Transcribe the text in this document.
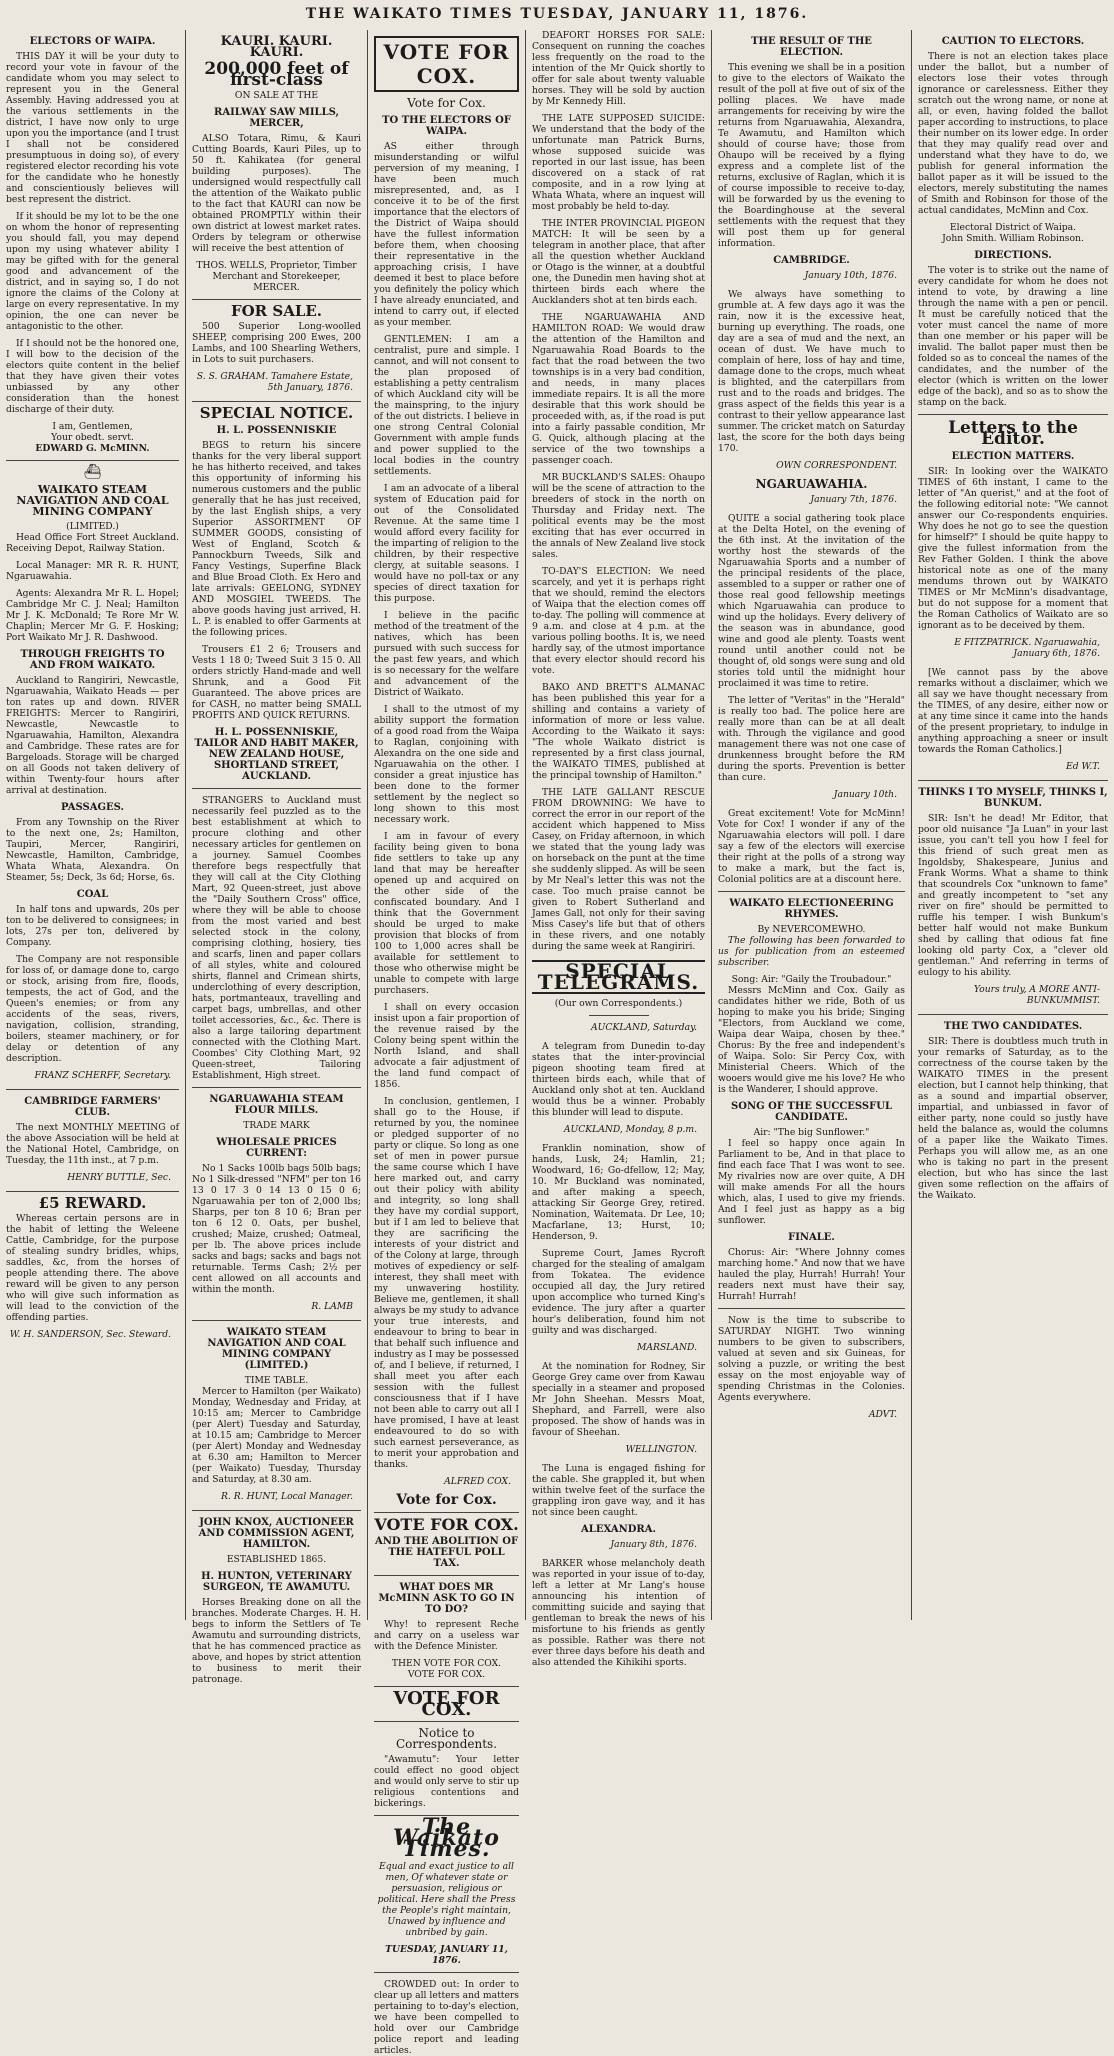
THE WAIKATO TIMES TUESDAY, JANUARY 11, 1876.
ELECTORS OF WAIPA.

THIS DAY it will be your duty to record your vote in favour of the candidate whom you may select to represent you in the General Assembly. Having addressed you at the various settlements in the district, I have now only to urge upon you the importance (and I trust I shall not be considered presumptuous in doing so), of every registered elector recording his vote for the candidate who he honestly and conscientiously believes will best represent the district.

If it should be my lot to be the one on whom the honor of representing you should fall, you may depend upon my using whatever ability I may be gifted with for the general good and advancement of the district, and in saying so, I do not ignore the claims of the Colony at large on every representative. In my opinion, the one can never be antagonistic to the other.

If I should not be the honored one, I will bow to the decision of the electors quite content in the belief that they have given their votes unbiassed by any other consideration than the honest discharge of their duty.

I am, Gentlemen,
Your obedt. servt.
EDWARD G. McMINN.
⛴
WAIKATO STEAM NAVIGATION AND COAL MINING COMPANY
(LIMITED.)

Head Office Fort Street Auckland. Receiving Depot, Railway Station.

Local Manager: MR R. R. HUNT, Ngaruawahia.

Agents: Alexandra Mr R. L. Hopel; Cambridge Mr C. J. Neal; Hamilton Mr J. K. McDonald; Te Rore Mr W. Chaplin; Mercer Mr G. F. Hosking; Port Waikato Mr J. R. Dashwood.

THROUGH FREIGHTS TO AND FROM WAIKATO.

Auckland to Rangiriri, Newcastle, Ngaruawahia, Waikato Heads — per ton rates up and down. RIVER FREIGHTS: Mercer to Rangiriri, Newcastle, Newcastle to Ngaruawahia, Hamilton, Alexandra and Cambridge. These rates are for Bargeloads. Storage will be charged on all Goods not taken delivery of within Twenty-four hours after arrival at destination.

PASSAGES.

From any Township on the River to the next one, 2s; Hamilton, Taupiri, Mercer, Rangiriri, Newcastle, Hamilton, Cambridge, Whata Whata, Alexandra. On Steamer, 5s; Deck, 3s 6d; Horse, 6s.

COAL

In half tons and upwards, 20s per ton to be delivered to consignees; in lots, 27s per ton, delivered by Company.

The Company are not responsible for loss of, or damage done to, cargo or stock, arising from fire, floods, tempests, the act of God, and the Queen's enemies; or from any accidents of the seas, rivers, navigation, collision, stranding, boilers, steamer machinery, or for delay or detention of any description.

FRANZ SCHERFF, Secretary.
CAMBRIDGE FARMERS' CLUB.

The next MONTHLY MEETING of the above Association will be held at the National Hotel, Cambridge, on Tuesday, the 11th inst., at 7 p.m.

HENRY BUTTLE, Sec.
£5 REWARD.

Whereas certain persons are in the habit of letting the Weleene Cattle, Cambridge, for the purpose of stealing sundry bridles, whips, saddles, &c, from the horses of people attending there. The above reward will be given to any person who will give such information as will lead to the conviction of the offending parties.

W. H. SANDERSON, Sec. Steward.
KAURI. KAURI. KAURI.
200,000 feet of first-class
ON SALE AT THE
RAILWAY SAW MILLS, MERCER,

ALSO Totara, Rimu, & Kauri Cutting Boards, Kauri Piles, up to 50 ft. Kahikatea (for general building purposes). The undersigned would respectfully call the attention of the Waikato public to the fact that KAURI can now be obtained PROMPTLY within their own district at lowest market rates. Orders by telegram or otherwise will receive the best attention of

THOS. WELLS, Proprietor, Timber Merchant and Storekeeper, MERCER.
FOR SALE.

500 Superior Long-woolled SHEEP, comprising 200 Ewes, 200 Lambs, and 100 Shearling Wethers, in Lots to suit purchasers.

S. S. GRAHAM. Tamahere Estate, 5th January, 1876.
SPECIAL NOTICE.
H. L. POSSENNISKIE

BEGS to return his sincere thanks for the very liberal support he has hitherto received, and takes this opportunity of informing his numerous customers and the public generally that he has just received, by the last English ships, a very Superior ASSORTMENT OF SUMMER GOODS, consisting of West of England, Scotch & Pannockburn Tweeds, Silk and Fancy Vestings, Superfine Black and Blue Broad Cloth. Ex Hero and late arrivals: GEELONG, SYDNEY AND MOSGIEL TWEEDS. The above goods having just arrived, H. L. P. is enabled to offer Garments at the following prices.

Trousers £1 2 6; Trousers and Vests 1 18 0; Tweed Suit 3 15 0. All orders strictly Hand-made and well Shrunk, and a Good Fit Guaranteed. The above prices are for CASH, no matter being SMALL PROFITS AND QUICK RETURNS.

H. L. POSSENNISKIE, TAILOR AND HABIT MAKER, NEW ZEALAND HOUSE, SHORTLAND STREET, AUCKLAND.

STRANGERS to Auckland must necessarily feel puzzled as to the best establishment at which to procure clothing and other necessary articles for gentlemen on a journey. Samuel Coombes therefore begs respectfully that they will call at the City Clothing Mart, 92 Queen-street, just above the "Daily Southern Cross" office, where they will be able to choose from the most varied and best selected stock in the colony, comprising clothing, hosiery, ties and scarfs, linen and paper collars of all styles, white and coloured shirts, flannel and Crimean shirts, underclothing of every description, hats, portmanteaux, travelling and carpet bags, umbrellas, and other toilet accessories, &c., &c. There is also a large tailoring department connected with the Clothing Mart. Coombes' City Clothing Mart, 92 Queen-street, Tailoring Establishment, High street.

NGARUAWAHIA STEAM FLOUR MILLS.
TRADE MARK
WHOLESALE PRICES CURRENT:

No 1 Sacks 100lb bags 50lb bags; No 1 Silk-dressed "NFM" per ton 16 13 0 17 3 0 14 13 0 15 0 6; Ngaruawahia per ton of 2,000 lbs; Sharps, per ton 8 10 6; Bran per ton 6 12 0. Oats, per bushel, crushed; Maize, crushed; Oatmeal, per lb. The above prices include sacks and bags; sacks and bags not returnable. Terms Cash; 2½ per cent allowed on all accounts and within the month.

R. LAMB
WAIKATO STEAM NAVIGATION AND COAL MINING COMPANY (LIMITED.)
TIME TABLE.

Mercer to Hamilton (per Waikato) Monday, Wednesday and Friday, at 10:15 am; Mercer to Cambridge (per Alert) Tuesday and Saturday, at 10.15 am; Cambridge to Mercer (per Alert) Monday and Wednesday at 6.30 am; Hamilton to Mercer (per Waikato) Tuesday, Thursday and Saturday, at 8.30 am.

R. R. HUNT, Local Manager.
JOHN KNOX, AUCTIONEER AND COMMISSION AGENT, HAMILTON.
ESTABLISHED 1865.
H. HUNTON, VETERINARY SURGEON, TE AWAMUTU.

Horses Breaking done on all the branches. Moderate Charges. H. H. begs to inform the Settlers of Te Awamutu and surrounding districts, that he has commenced practice as above, and hopes by strict attention to business to merit their patronage.

VOTE FOR COX.
Vote for Cox.
TO THE ELECTORS OF WAIPA.

AS either through misunderstanding or wilful perversion of my meaning, I have been much misrepresented, and, as I conceive it to be of the first importance that the electors of the District of Waipa should have the fullest information before them, when choosing their representative in the approaching crisis, I have deemed it best to place before you definitely the policy which I have already enunciated, and intend to carry out, if elected as your member.

GENTLEMEN: I am a centralist, pure and simple. I cannot, and will not consent to the plan proposed of establishing a petty centralism of which Auckland city will be the mainspring, to the injury of the out districts. I believe in one strong Central Colonial Government with ample funds and power supplied to the local bodies in the country settlements.

I am an advocate of a liberal system of Education paid for out of the Consolidated Revenue. At the same time I would afford every facility for the imparting of religion to the children, by their respective clergy, at suitable seasons. I would have no poll-tax or any species of direct taxation for this purpose.

I believe in the pacific method of the treatment of the natives, which has been pursued with such success for the past few years, and which is so necessary for the welfare and advancement of the District of Waikato.

I shall to the utmost of my ability support the formation of a good road from the Waipa to Raglan, conjoining with Alexandra on the one side and Ngaruawahia on the other. I consider a great injustice has been done to the former settlement by the neglect so long shown to this most necessary work.

I am in favour of every facility being given to bona fide settlers to take up any land that may be hereafter opened up and acquired on the other side of the confiscated boundary. And I think that the Government should be urged to make provision that blocks of from 100 to 1,000 acres shall be available for settlement to those who otherwise might be unable to compete with large purchasers.

I shall on every occasion insist upon a fair proportion of the revenue raised by the Colony being spent within the North Island, and shall advocate a fair adjustment of the land fund compact of 1856.

In conclusion, gentlemen, I shall go to the House, if returned by you, the nominee or pledged supporter of no party or clique. So long as one set of men in power pursue the same course which I have here marked out, and carry out their policy with ability and integrity, so long shall they have my cordial support, but if I am led to believe that they are sacrificing the interests of your district and of the Colony at large, through motives of expediency or self-interest, they shall meet with my unwavering hostility. Believe me, gentlemen, it shall always be my study to advance your true interests, and endeavour to bring to bear in that behalf such influence and industry as I may be possessed of, and I believe, if returned, I shall meet you after each session with the fullest consciousness that if I have not been able to carry out all I have promised, I have at least endeavoured to do so with such earnest perseverance, as to merit your approbation and thanks.

ALFRED COX.
Vote for Cox.
VOTE FOR COX.
AND THE ABOLITION OF THE HATEFUL POLL TAX.
WHAT DOES MR McMINN ASK TO GO IN TO DO?

Why! to represent Reche and carry on a useless war with the Defence Minister.

THEN VOTE FOR COX.
VOTE FOR COX.
VOTE FOR COX.
Notice to Correspondents.

"Awamutu": Your letter could effect no good object and would only serve to stir up religious contentions and bickerings.

The Waikato Times.

Equal and exact justice to all men, Of whatever state or persuasion, religious or political. Here shall the Press the People's right maintain, Unawed by influence and unbribed by gain.

TUESDAY, JANUARY 11, 1876.

CROWDED out: In order to clear up all letters and matters pertaining to to-day's election, we have been compelled to hold over our Cambridge police report and leading articles.

DEAFORT HORSES FOR SALE: Consequent on running the coaches less frequently on the road to the intention of the Mr Quick shortly to offer for sale about twenty valuable horses. They will be sold by auction by Mr Kennedy Hill.

THE LATE SUPPOSED SUICIDE: We understand that the body of the unfortunate man Patrick Burns, whose supposed suicide was reported in our last issue, has been discovered on a stack of rat composite, and in a row lying at Whata Whata, where an inquest will most probably be held to-day.

THE INTER PROVINCIAL PIGEON MATCH: It will be seen by a telegram in another place, that after all the question whether Auckland or Otago is the winner, at a doubtful one, the Dunedin men having shot at thirteen birds each where the Aucklanders shot at ten birds each.

THE NGARUAWAHIA AND HAMILTON ROAD: We would draw the attention of the Hamilton and Ngaruawahia Road Boards to the fact that the road between the two townships is in a very bad condition, and needs, in many places immediate repairs. It is all the more desirable that this work should be proceeded with, as, if the road is put into a fairly passable condition, Mr G. Quick, although placing at the service of the two townships a passenger coach.

MR BUCKLAND'S SALES: Ohaupo will be the scene of attraction to the breeders of stock in the north on Thursday and Friday next. The political events may be the most exciting that has ever occurred in the annals of New Zealand live stock sales.

TO-DAY'S ELECTION: We need scarcely, and yet it is perhaps right that we should, remind the electors of Waipa that the election comes off to-day. The polling will commence at 9 a.m. and close at 4 p.m. at the various polling booths. It is, we need hardly say, of the utmost importance that every elector should record his vote.

BAKO AND BRETT'S ALMANAC has been published this year for a shilling and contains a variety of information of more or less value. According to the Waikato it says: "The whole Waikato district is represented by a first class journal, the WAIKATO TIMES, published at the principal township of Hamilton."

THE LATE GALLANT RESCUE FROM DROWNING: We have to correct the error in our report of the accident which happened to Miss Casey, on Friday afternoon, in which we stated that the young lady was on horseback on the punt at the time she suddenly slipped. As will be seen by Mr Neal's letter this was not the case. Too much praise cannot be given to Robert Sutherland and James Gall, not only for their saving Miss Casey's life but that of others in these rivers, and one notably during the same week at Rangiriri.

SPECIAL TELEGRAMS.
(Our own Correspondents.)
AUCKLAND, Saturday.

A telegram from Dunedin to-day states that the inter-provincial pigeon shooting team fired at thirteen birds each, while that of Auckland only shot at ten. Auckland would thus be a winner. Probably this blunder will lead to dispute.

AUCKLAND, Monday, 8 p.m.

Franklin nomination, show of hands, Lusk, 24; Hamlin, 21; Woodward, 16; Go-dfellow, 12; May, 10. Mr Buckland was nominated, and after making a speech, attacking Sir George Grey, retired. Nomination, Waitemata. Dr Lee, 10; Macfarlane, 13; Hurst, 10; Henderson, 9.

Supreme Court, James Rycroft charged for the stealing of amalgam from Tokatea. The evidence occupied all day, the Jury retired upon accomplice who turned King's evidence. The jury after a quarter hour's deliberation, found him not guilty and was discharged.

MARSLAND.

At the nomination for Rodney, Sir George Grey came over from Kawau specially in a steamer and proposed Mr John Sheehan. Messrs Moat, Shephard, and Farrell, were also proposed. The show of hands was in favour of Sheehan.

WELLINGTON.

The Luna is engaged fishing for the cable. She grappled it, but when within twelve feet of the surface the grappling iron gave way, and it has not since been caught.

ALEXANDRA.
January 8th, 1876.

BARKER whose melancholy death was reported in your issue of to-day, left a letter at Mr Lang's house announcing his intention of committing suicide and saying that gentleman to break the news of his misfortune to his friends as gently as possible. Rather was there not ever three days before his death and also attended the Kihikihi sports.

THE RESULT OF THE ELECTION.

This evening we shall be in a position to give to the electors of Waikato the result of the poll at five out of six of the polling places. We have made arrangements for receiving by wire the returns from Ngaruawahia, Alexandra, Te Awamutu, and Hamilton which should of course have; those from Ohaupo will be received by a flying express and a complete list of the returns, exclusive of Raglan, which it is of course impossible to receive to-day, will be forwarded by us the evening to the Boardinghouse at the several settlements with the request that they will post them up for general information.

CAMBRIDGE.
January 10th, 1876.

We always have something to grumble at. A few days ago it was the rain, now it is the excessive heat, burning up everything. The roads, one day are a sea of mud and the next, an ocean of dust. We have much to complain of here, loss of hay and time, damage done to the crops, much wheat is blighted, and the caterpillars from rust and to the roads and bridges. The grass aspect of the fields this year is a contrast to their yellow appearance last summer. The cricket match on Saturday last, the score for the both days being 170.

OWN CORRESPONDENT.
NGARUAWAHIA.
January 7th, 1876.

QUITE a social gathering took place at the Delta Hotel, on the evening of the 6th inst. At the invitation of the worthy host the stewards of the Ngaruawahia Sports and a number of the principal residents of the place, assembled to a supper or rather one of those real good fellowship meetings which Ngaruawahia can produce to wind up the holidays. Every delivery of the season was in abundance, good wine and good ale plenty. Toasts went round until another could not be thought of, old songs were sung and old stories told until the midnight hour proclaimed it was time to retire.

The letter of "Veritas" in the "Herald" is really too bad. The police here are really more than can be at all dealt with. Through the vigilance and good management there was not one case of drunkenness brought before the RM during the sports. Prevention is better than cure.

January 10th.

Great excitement! Vote for McMinn! Vote for Cox! I wonder if any of the Ngaruawahia electors will poll. I dare say a few of the electors will exercise their right at the polls of a strong way to make a mark, but the fact is, Colonial politics are at a discount here.

WAIKATO ELECTIONEERING RHYMES.
By NEVERCOMEWHO.

The following has been forwarded to us for publication from an esteemed subscriber.

Song: Air: "Gaily the Troubadour."

Messrs McMinn and Cox. Gaily as candidates hither we ride, Both of us hoping to make you his bride; Singing "Electors, from Auckland we come, Waipa dear Waipa, chosen by thee." Chorus: By the free and independent's of Waipa. Solo: Sir Percy Cox, with Ministerial Cheers. Which of the wooers would give me his love? He who is the Wanderer, I should approve.

SONG OF THE SUCCESSFUL CANDIDATE.
Air: "The big Sunflower."

I feel so happy once again In Parliament to be, And in that place to find each face That I was wont to see. My rivalries now are over quite, A DH will make amends For all the hours which, alas, I used to give my friends. And I feel just as happy as a big sunflower.

FINALE.

Chorus: Air: "Where Johnny comes marching home." And now that we have hauled the play, Hurrah! Hurrah! Your readers next must have their say, Hurrah! Hurrah!

Now is the time to subscribe to SATURDAY NIGHT. Two winning numbers to be given to subscribers, valued at seven and six Guineas, for solving a puzzle, or writing the best essay on the most enjoyable way of spending Christmas in the Colonies. Agents everywhere.

ADVT.
CAUTION TO ELECTORS.

There is not an election takes place under the ballot, but a number of electors lose their votes through ignorance or carelessness. Either they scratch out the wrong name, or none at all, or even, having folded the ballot paper according to instructions, to place their number on its lower edge. In order that they may qualify read over and understand what they have to do, we publish for general information the ballot paper as it will be issued to the electors, merely substituting the names of Smith and Robinson for those of the actual candidates, McMinn and Cox.

Electoral District of Waipa.
John Smith. William Robinson.
DIRECTIONS.

The voter is to strike out the name of every candidate for whom he does not intend to vote, by drawing a line through the name with a pen or pencil. It must be carefully noticed that the voter must cancel the name of more than one member or his paper will be invalid. The ballot paper must then be folded so as to conceal the names of the candidates, and the number of the elector (which is written on the lower edge of the back), and so as to show the stamp on the back.

Letters to the Editor.
ELECTION MATTERS.

SIR: In looking over the WAIKATO TIMES of 6th instant, I came to the letter of "An querist," and at the foot of the following editorial note: "We cannot answer our Co-respondents enquiries. Why does he not go to see the question for himself?" I should be quite happy to give the fullest information from the Rev Father Golden. I think the above historical note as one of the many mendums thrown out by WAIKATO TIMES or Mr McMinn's disadvantage, but do not suppose for a moment that the Roman Catholics of Waikato are so ignorant as to be deceived by them.

E FITZPATRICK. Ngaruawahia, January 6th, 1876.

[We cannot pass by the above remarks without a disclaimer, which we all say we have thought necessary from the TIMES, of any desire, either now or at any time since it came into the hands of the present proprietary, to indulge in anything approaching a sneer or insult towards the Roman Catholics.]

Ed W.T.
THINKS I TO MYSELF, THINKS I, BUNKUM.

SIR: Isn't he dead! Mr Editor, that poor old nuisance "Ja Luan" in your last issue, you can't tell you how I feel for this friend of such great men as Ingoldsby, Shakespeare, Junius and Frank Worms. What a shame to think that scoundrels Cox "unknown to fame" and greatly incompetent to "set any river on fire" should be permitted to ruffle his temper. I wish Bunkum's better half would not make Bunkum shed by calling that odious fat fine looking old party Cox, a "clever old gentleman." And referring in terms of eulogy to his ability.

Yours truly, A MORE ANTI-BUNKUMMIST.
THE TWO CANDIDATES.

SIR: There is doubtless much truth in your remarks of Saturday, as to the correctness of the course taken by the WAIKATO TIMES in the present election, but I cannot help thinking, that as a sound and impartial observer, impartial, and unbiassed in favor of either party, none could so justly have held the balance as, would the columns of a paper like the Waikato Times. Perhaps you will allow me, as an one who is taking no part in the present election, but who has since the last given some reflection on the affairs of the Waikato.
